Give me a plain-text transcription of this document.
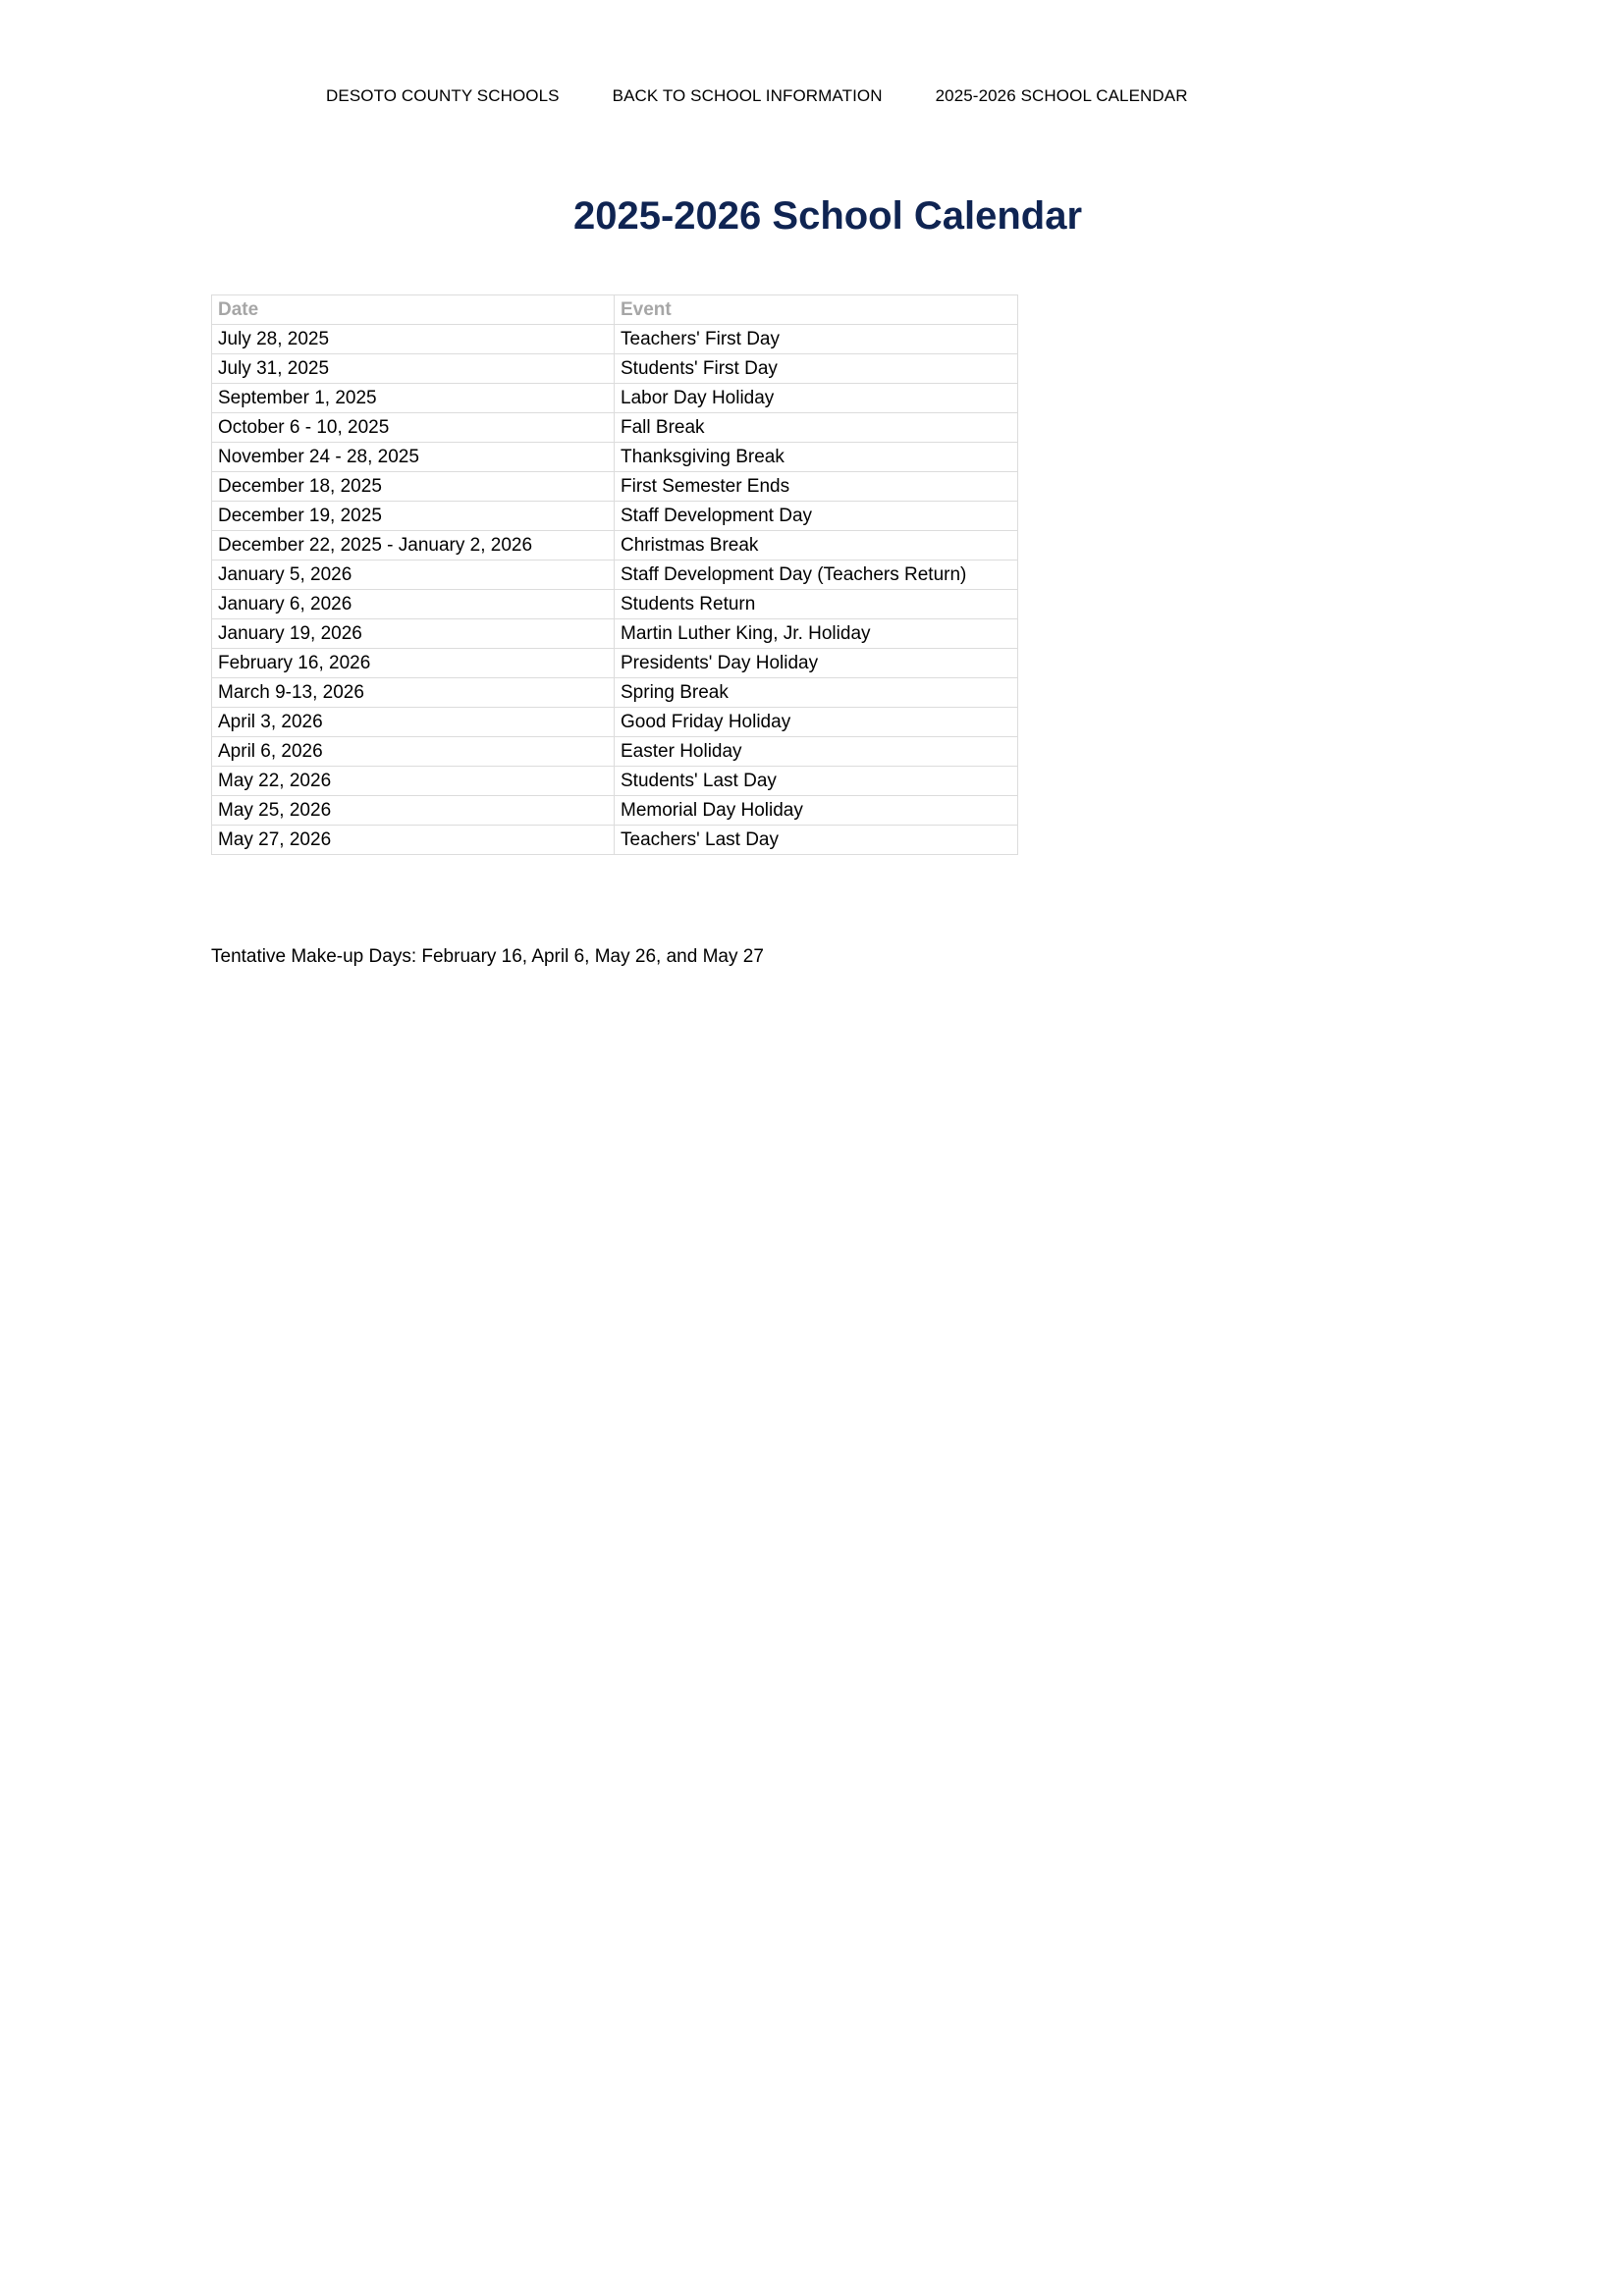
DESOTO COUNTY SCHOOLS	BACK TO SCHOOL INFORMATION	2025-2026 SCHOOL CALENDAR
2025-2026 School Calendar
Date	Event
July 28, 2025	Teachers' First Day
July 31, 2025	Students' First Day
September 1, 2025	Labor Day Holiday
October 6 - 10, 2025	Fall Break
November 24 - 28, 2025	Thanksgiving Break
December 18, 2025	First Semester Ends
December 19, 2025	Staff Development Day
December 22, 2025 - January 2, 2026	Christmas Break
January 5, 2026	Staff Development Day (Teachers Return)
January 6, 2026	Students Return
January 19, 2026	Martin Luther King, Jr. Holiday
February 16, 2026	Presidents' Day Holiday
March 9-13, 2026	Spring Break
April 3, 2026	Good Friday Holiday
April 6, 2026	Easter Holiday
May 22, 2026	Students' Last Day
May 25, 2026	Memorial Day Holiday
May 27, 2026	Teachers' Last Day

Tentative Make-up Days: February 16, April 6, May 26, and May 27
